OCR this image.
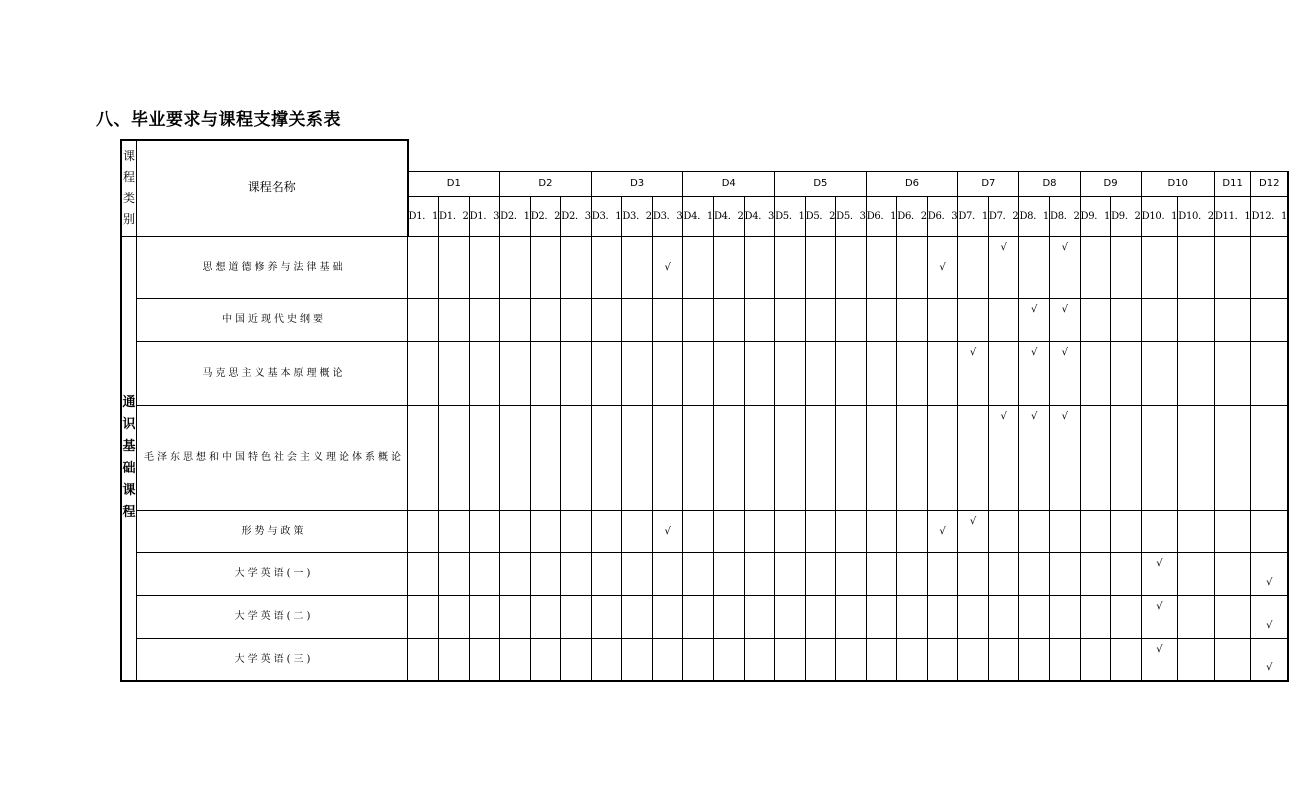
八、毕业要求与课程支撑关系表
课程类别	课程名称																												
		D1			D2			D3			D4			D5			D6			D7		D8		D9		D10		D11	D12
		D1．1	D1．2	D1．3	D2．1	D2．2	D2．3	D3．1	D3．2	D3．3	D4．1	D4．2	D4．3	D5．1	D5．2	D5．3	D6．1	D6．2	D6．3	D7．1	D7．2	D8．1	D8．2	D9．1	D9．2	D10．1	D10．2	D11．1	D12．1

通识基础课程	思想道德修养与法律基础									√									√		√		√						
	中国近现代史纲要																					√	√						
	马克思主义基本原理概论																			√		√	√						
	毛泽东思想和中国特色社会主义理论体系概论																				√	√	√						
	形势与政策									√									√	√									
	大学英语(一)																									√			√
	大学英语(二)																									√			√
	大学英语(三)																									√			√
